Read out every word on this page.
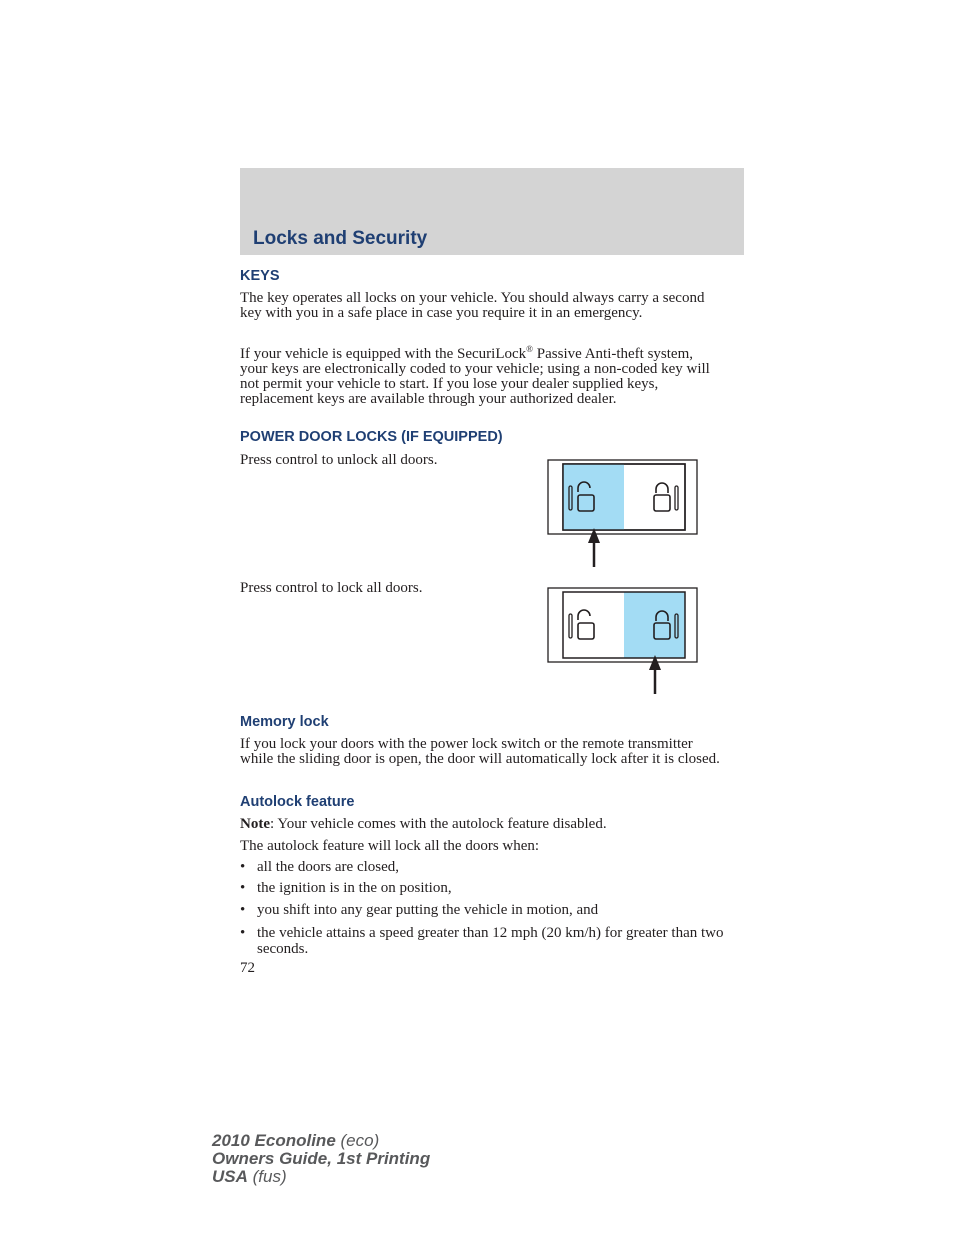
Locks and Security
KEYS

The key operates all locks on your vehicle. You should always carry a second key with you in a safe place in case you require it in an emergency.

If your vehicle is equipped with the SecuriLock® Passive Anti-theft system, your keys are electronically coded to your vehicle; using a non-coded key will not permit your vehicle to start. If you lose your dealer supplied keys, replacement keys are available through your authorized dealer.

POWER DOOR LOCKS (IF EQUIPPED)

Press control to unlock all doors.

Press control to lock all doors.

Memory lock

If you lock your doors with the power lock switch or the remote transmitter while the sliding door is open, the door will automatically lock after it is closed.

Autolock feature

Note: Your vehicle comes with the autolock feature disabled.

The autolock feature will lock all the doors when:

• all the doors are closed,
• the ignition is in the on position,
• you shift into any gear putting the vehicle in motion, and
• the vehicle attains a speed greater than 12 mph (20 km/h) for greater than two seconds.

72

2010 Econoline (eco)
Owners Guide, 1st Printing
USA (fus)
